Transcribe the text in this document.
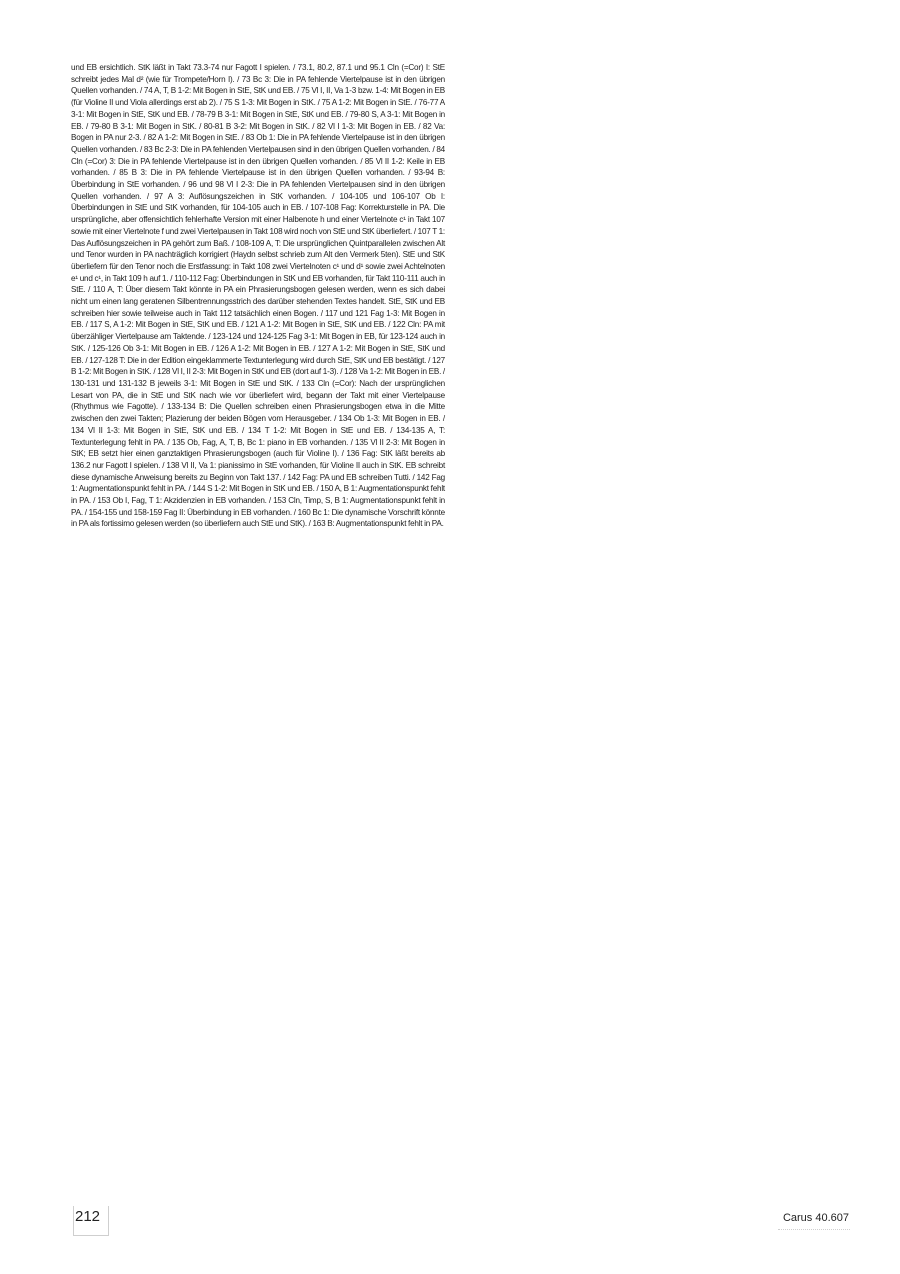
und EB ersichtlich. StK läßt in Takt 73.3-74 nur Fagott I spielen. / 73.1, 80.2, 87.1 und 95.1 Cln (=Cor) I: StE schreibt jedes Mal d² (wie für Trompete/Horn I). / 73 Bc 3: Die in PA fehlende Viertelpause ist in den übrigen Quellen vorhanden. / 74 A, T, B 1-2: Mit Bogen in StE, StK und EB. / 75 Vl I, II, Va 1-3 bzw. 1-4: Mit Bogen in EB (für Violine II und Viola allerdings erst ab 2). / 75 S 1-3: Mit Bogen in StK. / 75 A 1-2: Mit Bogen in StE. / 76-77 A 3-1: Mit Bogen in StE, StK und EB. / 78-79 B 3-1: Mit Bogen in StE, StK und EB. / 79-80 S, A 3-1: Mit Bogen in EB. / 79-80 B 3-1: Mit Bogen in StK. / 80-81 B 3-2: Mit Bogen in StK. / 82 Vl I 1-3: Mit Bogen in EB. / 82 Va: Bogen in PA nur 2-3. / 82 A 1-2: Mit Bogen in StE. / 83 Ob 1: Die in PA fehlende Viertelpause ist in den übrigen Quellen vorhanden. / 83 Bc 2-3: Die in PA fehlenden Viertelpausen sind in den übrigen Quellen vorhanden. / 84 Cln (=Cor) 3: Die in PA fehlende Viertelpause ist in den übrigen Quellen vorhanden. / 85 Vl II 1-2: Keile in EB vorhanden. / 85 B 3: Die in PA fehlende Viertelpause ist in den übrigen Quellen vorhanden. / 93-94 B: Überbindung in StE vorhanden. / 96 und 98 Vl I 2-3: Die in PA fehlenden Viertelpausen sind in den übrigen Quellen vorhanden. / 97 A 3: Auflösungszeichen in StK vorhanden. / 104-105 und 106-107 Ob I: Überbindungen in StE und StK vorhanden, für 104-105 auch in EB. / 107-108 Fag: Korrekturstelle in PA. Die ursprüngliche, aber offensichtlich fehlerhafte Version mit einer Halbenote h und einer Viertelnote c¹ in Takt 107 sowie mit einer Viertelnote f und zwei Viertelpausen in Takt 108 wird noch von StE und StK überliefert. / 107 T 1: Das Auflösungszeichen in PA gehört zum Baß. / 108-109 A, T: Die ursprünglichen Quintparallelen zwischen Alt und Tenor wurden in PA nachträglich korrigiert (Haydn selbst schrieb zum Alt den Vermerk 5ten). StE und StK überliefern für den Tenor noch die Erstfassung: in Takt 108 zwei Viertelnoten c¹ und d¹ sowie zwei Achtelnoten e¹ und c¹, in Takt 109 h auf 1. / 110-112 Fag: Überbindungen in StK und EB vorhanden, für Takt 110-111 auch in StE. / 110 A, T: Über diesem Takt könnte in PA ein Phrasierungsbogen gelesen werden, wenn es sich dabei nicht um einen lang geratenen Silbentrennungsstrich des darüber stehenden Textes handelt. StE, StK und EB schreiben hier sowie teilweise auch in Takt 112 tatsächlich einen Bogen. / 117 und 121 Fag 1-3: Mit Bogen in EB. / 117 S, A 1-2: Mit Bogen in StE, StK und EB. / 121 A 1-2: Mit Bogen in StE, StK und EB. / 122 Cln: PA mit überzähliger Viertelpause am Taktende. / 123-124 und 124-125 Fag 3-1: Mit Bogen in EB, für 123-124 auch in StK. / 125-126 Ob 3-1: Mit Bogen in EB. / 126 A 1-2: Mit Bogen in EB. / 127 A 1-2: Mit Bogen in StE, StK und EB. / 127-128 T: Die in der Edition eingeklammerte Textunterlegung wird durch StE, StK und EB bestätigt. / 127 B 1-2: Mit Bogen in StK. / 128 Vl I, II 2-3: Mit Bogen in StK und EB (dort auf 1-3). / 128 Va 1-2: Mit Bogen in EB. / 130-131 und 131-132 B jeweils 3-1: Mit Bogen in StE und StK. / 133 Cln (=Cor): Nach der ursprünglichen Lesart von PA, die in StE und StK nach wie vor überliefert wird, begann der Takt mit einer Viertelpause (Rhythmus wie Fagotte). / 133-134 B: Die Quellen schreiben einen Phrasierungsbogen etwa in die Mitte zwischen den zwei Takten; Plazierung der beiden Bögen vom Herausgeber. / 134 Ob 1-3: Mit Bogen in EB. / 134 Vl II 1-3: Mit Bogen in StE, StK und EB. / 134 T 1-2: Mit Bogen in StE und EB. / 134-135 A, T: Textunterlegung fehlt in PA. / 135 Ob, Fag, A, T, B, Bc 1: piano in EB vorhanden. / 135 Vl II 2-3: Mit Bogen in StK; EB setzt hier einen ganztaktigen Phrasierungsbogen (auch für Violine I). / 136 Fag: StK läßt bereits ab 136.2 nur Fagott I spielen. / 138 Vl II, Va 1: pianissimo in StE vorhanden, für Violine II auch in StK. EB schreibt diese dynamische Anweisung bereits zu Beginn von Takt 137. / 142 Fag: PA und EB schreiben Tutti. / 142 Fag 1: Augmentationspunkt fehlt in PA. / 144 S 1-2: Mit Bogen in StK und EB. / 150 A, B 1: Augmentationspunkt fehlt in PA. / 153 Ob I, Fag, T 1: Akzidenzien in EB vorhanden. / 153 Cln, Timp, S, B 1: Augmentationspunkt fehlt in PA. / 154-155 und 158-159 Fag II: Überbindung in EB vorhanden. / 160 Bc 1: Die dynamische Vorschrift könnte in PA als fortissimo gelesen werden (so überliefern auch StE und StK). / 163 B: Augmentationspunkt fehlt in PA.

212	Carus 40.607
